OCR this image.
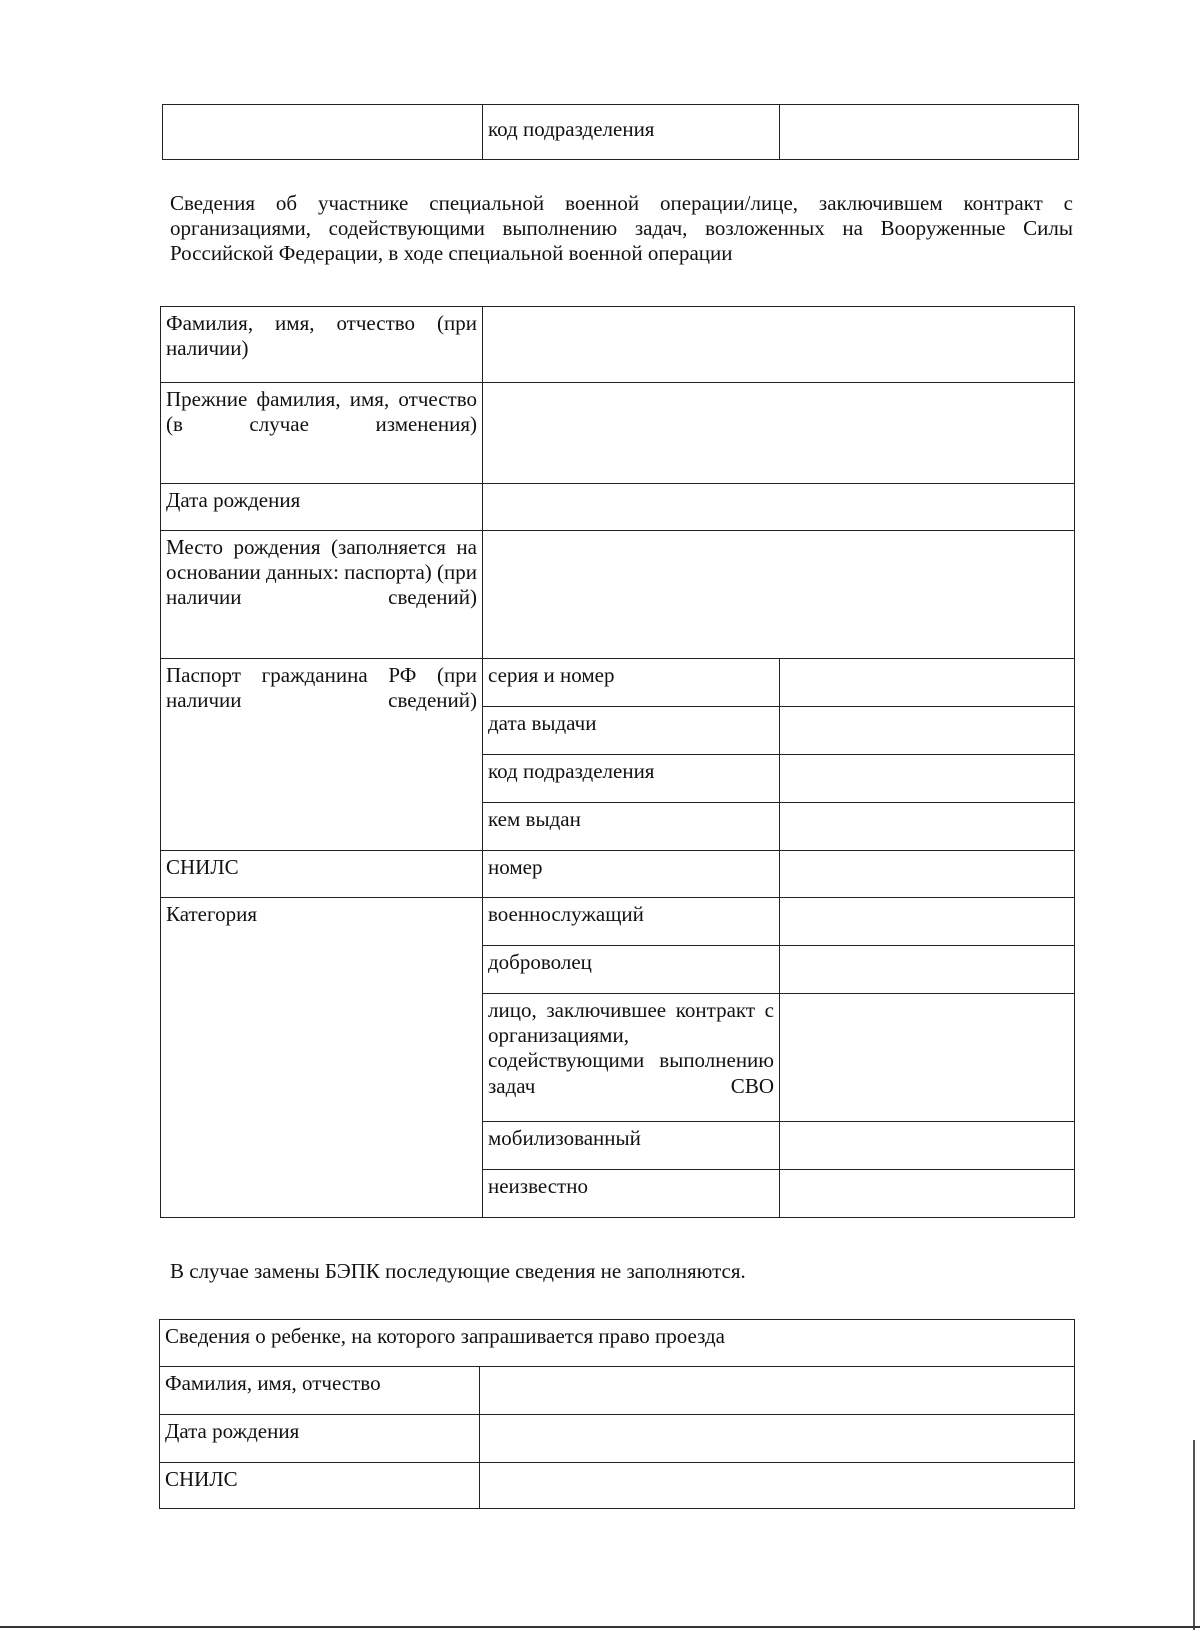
	код подразделения	
Сведения об участнике специальной военной операции/лице, заключившем контракт с организациями, содействующими выполнению задач, возложенных на Вооруженные Силы Российской Федерации, в ходе специальной военной операции
Фамилия, имя, отчество (при наличии)		
Прежние фамилия, имя, отчество (в случае изменения)		
Дата рождения		
Место рождения (заполняется на основании данных: паспорта) (при наличии сведений)		
Паспорт гражданина РФ (при наличии сведений)	серия и номер	
	дата выдачи	
	код подразделения	
	кем выдан	
СНИЛС	номер	
Категория	военнослужащий	
	доброволец	
	лицо, заключившее контракт с организациями, содействующими выполнению задач СВО	
	мобилизованный	
	неизвестно	
В случае замены БЭПК последующие сведения не заполняются.
Сведения о ребенке, на которого запрашивается право проезда	
Фамилия, имя, отчество	
Дата рождения	
СНИЛС	
